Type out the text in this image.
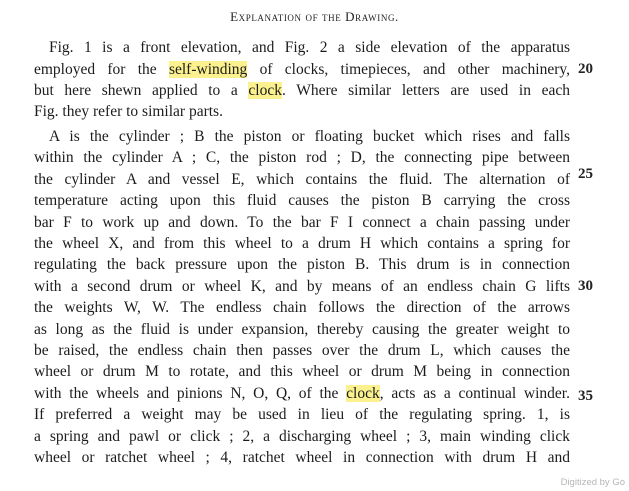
Explanation of the Drawing.
Fig. 1 is a front elevation, and Fig. 2 a side elevation of the apparatus
employed for the self-winding of clocks, timepieces, and other machinery,
but here shewn applied to a clock. Where similar letters are used in each
Fig. they refer to similar parts.
A is the cylinder ; B the piston or floating bucket which rises and falls
within the cylinder A ; C, the piston rod ; D, the connecting pipe between
the cylinder A and vessel E, which contains the fluid. The alternation of
temperature acting upon this fluid causes the piston B carrying the cross
bar F to work up and down. To the bar F I connect a chain passing under
the wheel X, and from this wheel to a drum H which contains a spring for
regulating the back pressure upon the piston B. This drum is in connection
with a second drum or wheel K, and by means of an endless chain G lifts
the weights W, W. The endless chain follows the direction of the arrows
as long as the fluid is under expansion, thereby causing the greater weight to
be raised, the endless chain then passes over the drum L, which causes the
wheel or drum M to rotate, and this wheel or drum M being in connection
with the wheels and pinions N, O, Q, of the clock, acts as a continual winder.
If preferred a weight may be used in lieu of the regulating spring. 1, is
a spring and pawl or click ; 2, a discharging wheel ; 3, main winding click
wheel or ratchet wheel ; 4, ratchet wheel in connection with drum H and
20
25
30
35
Digitized by Go
